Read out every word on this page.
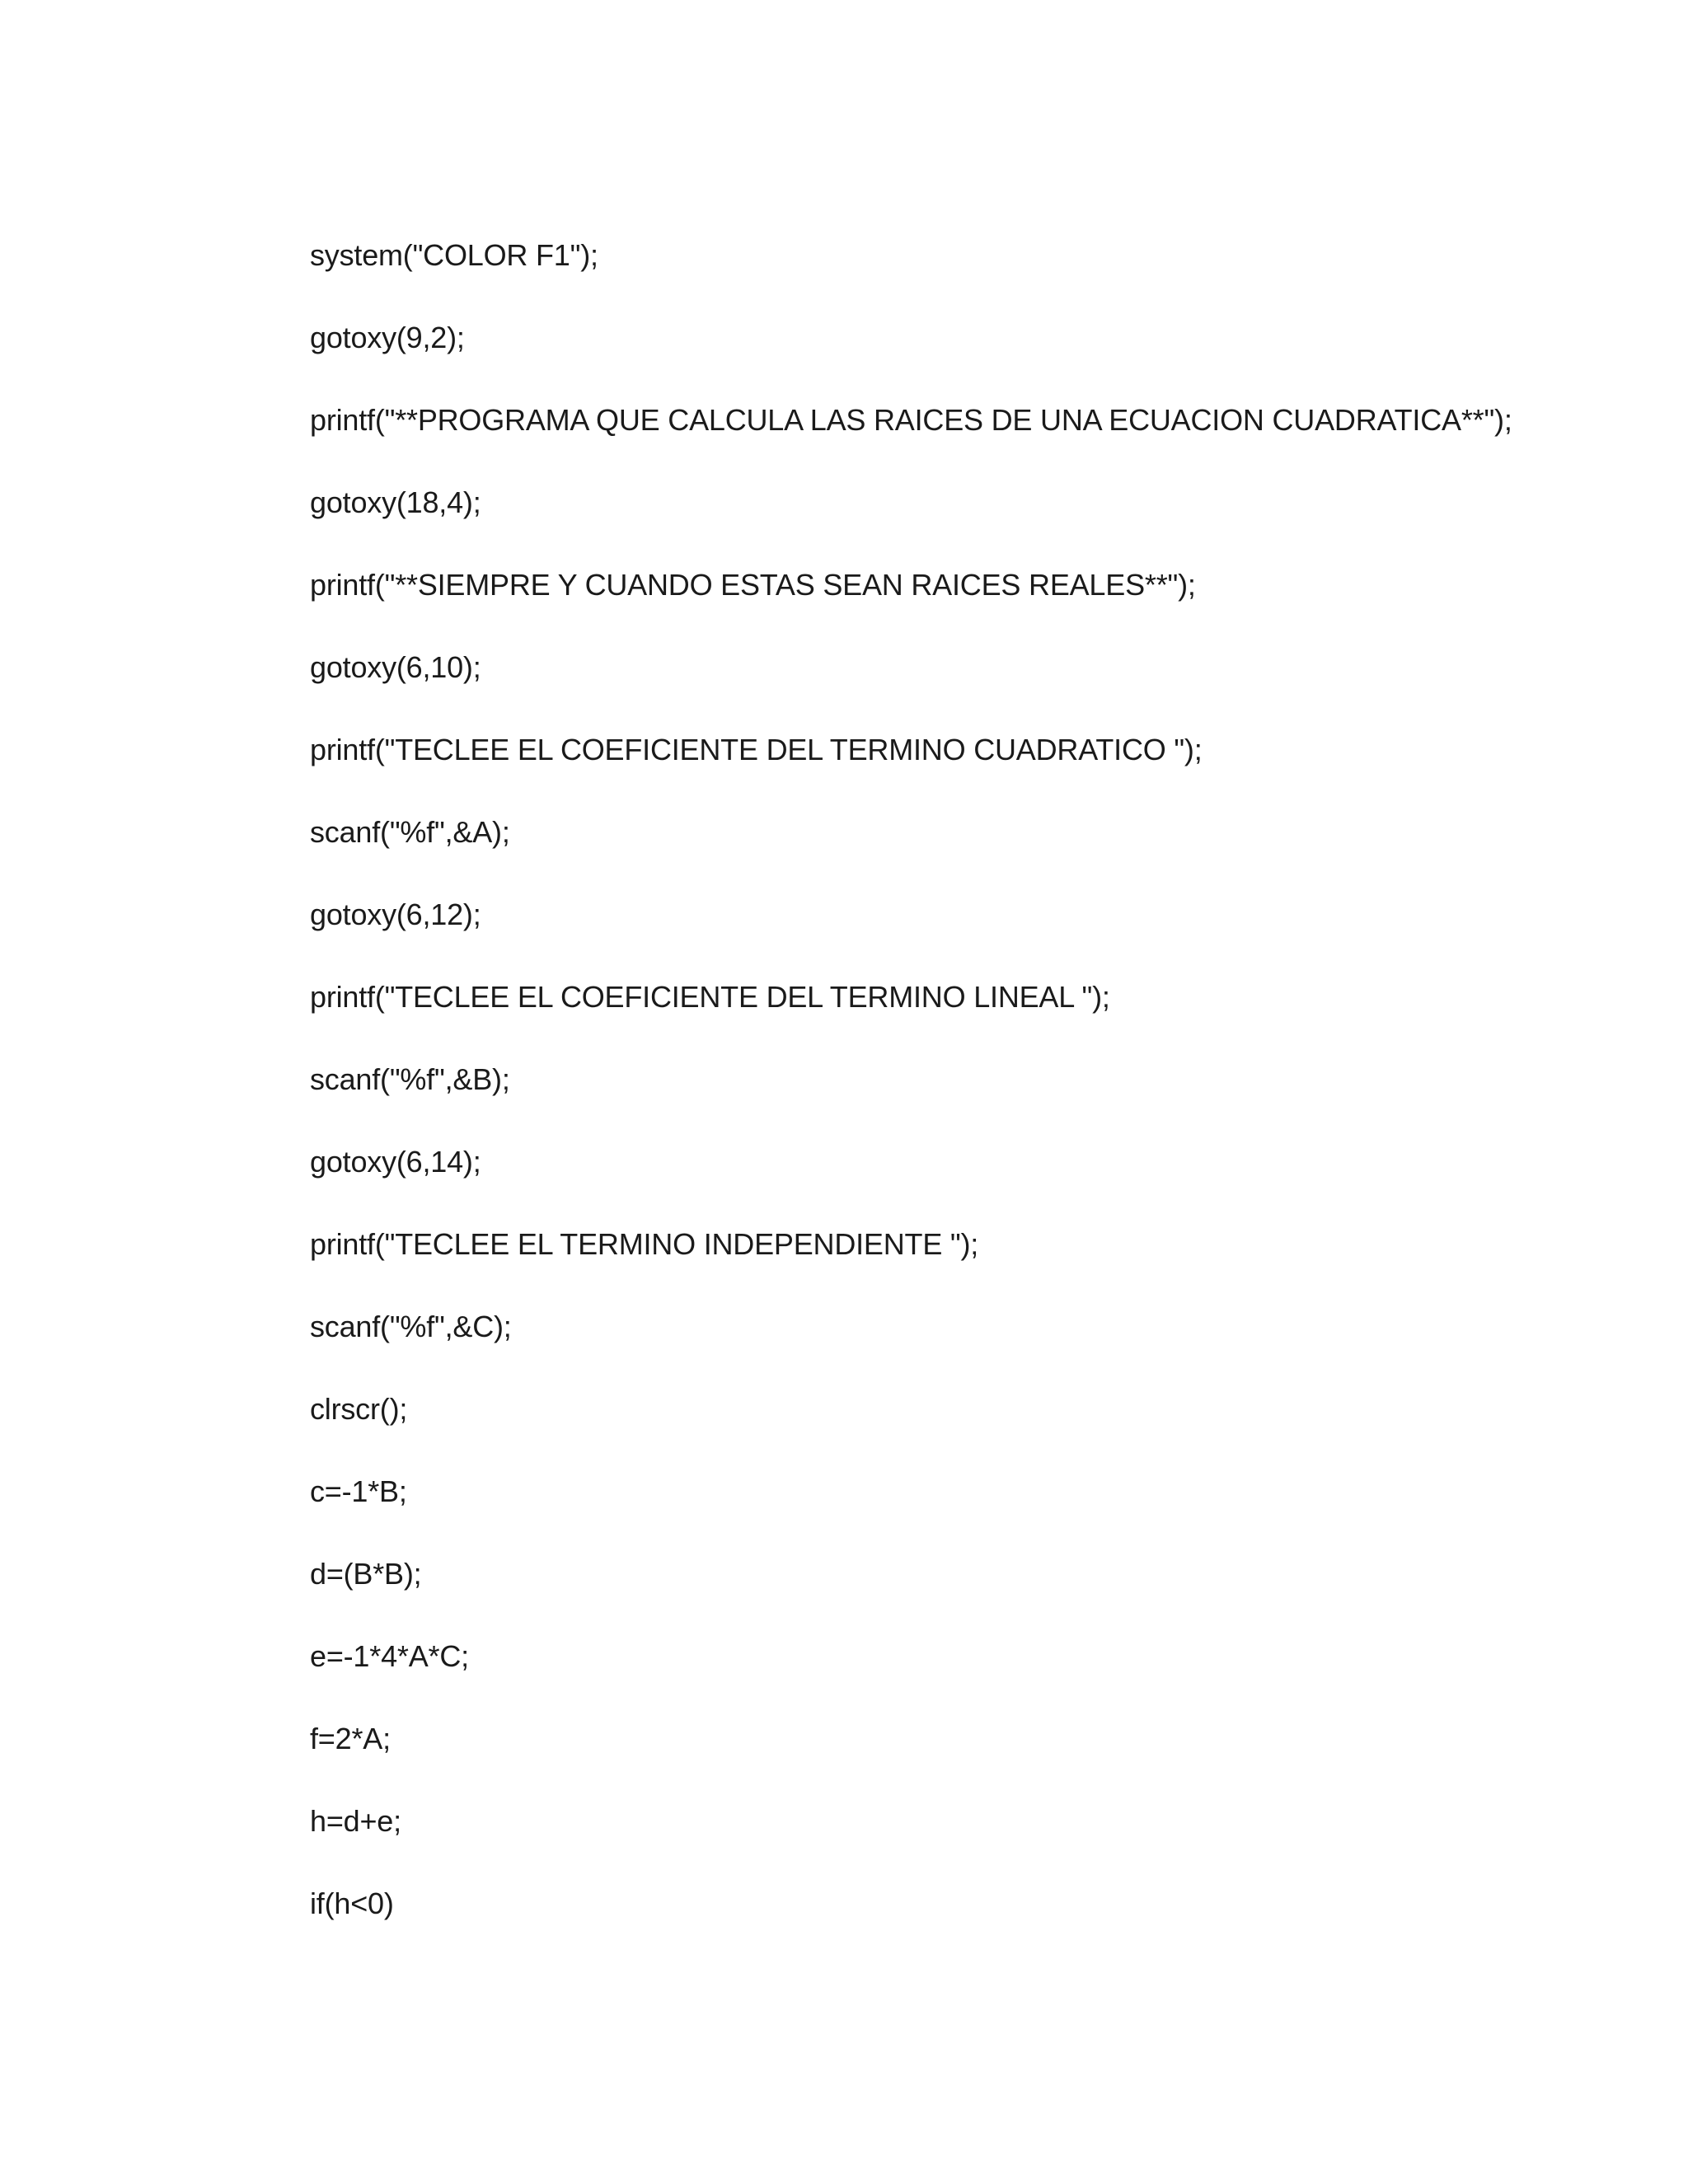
system("COLOR F1");
gotoxy(9,2);
printf("**PROGRAMA QUE CALCULA LAS RAICES DE UNA ECUACION CUADRATICA**");
gotoxy(18,4);
printf("**SIEMPRE Y CUANDO ESTAS SEAN RAICES REALES**");
gotoxy(6,10);
printf("TECLEE EL COEFICIENTE DEL TERMINO CUADRATICO ");
scanf("%f",&A);
gotoxy(6,12);
printf("TECLEE EL COEFICIENTE DEL TERMINO LINEAL ");
scanf("%f",&B);
gotoxy(6,14);
printf("TECLEE EL TERMINO INDEPENDIENTE ");
scanf("%f",&C);
clrscr();
c=-1*B;
d=(B*B);
e=-1*4*A*C;
f=2*A;
h=d+e;
if(h<0)
